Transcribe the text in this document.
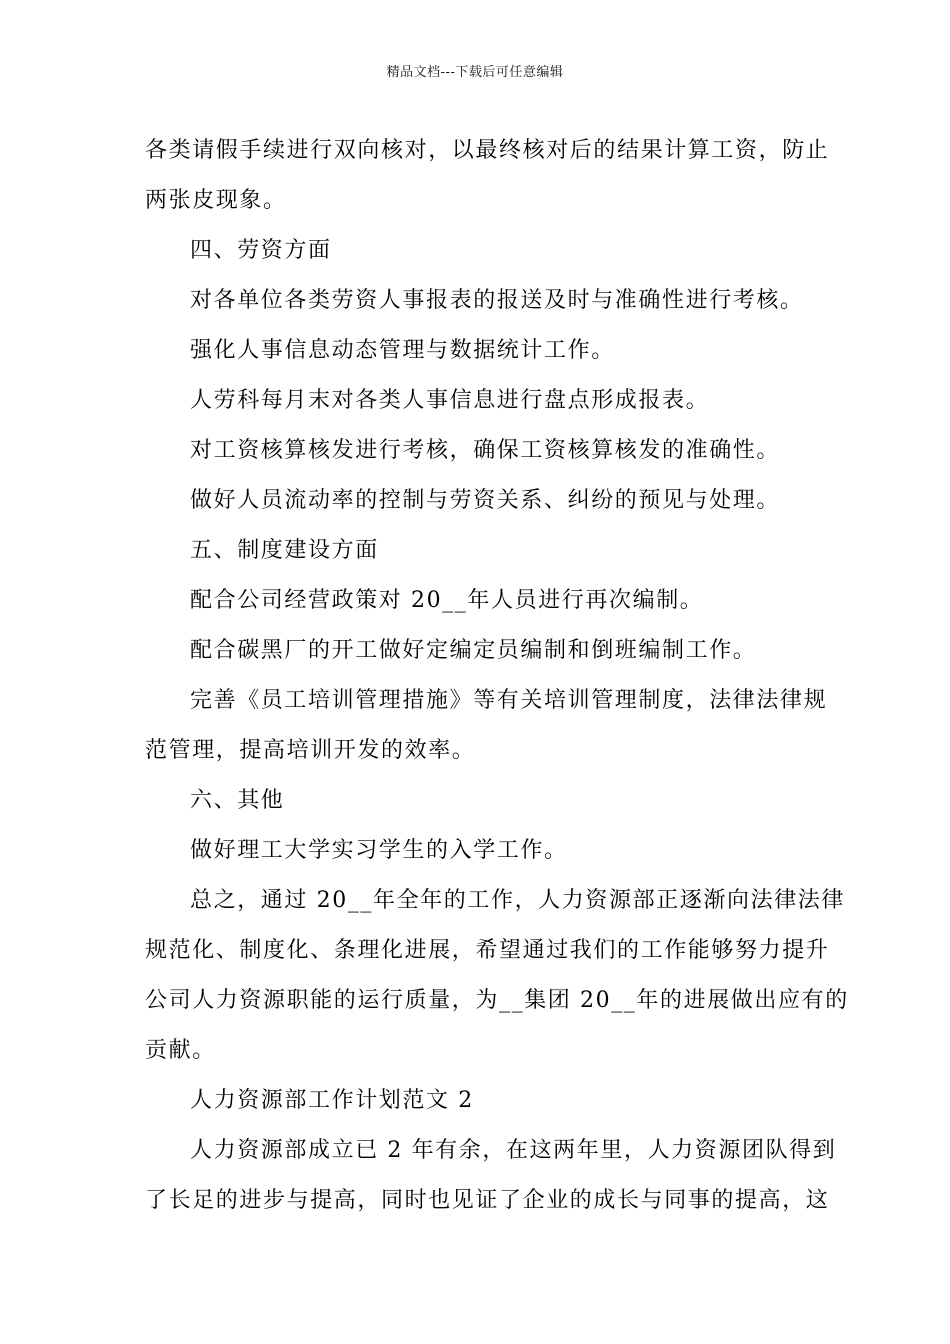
精品文档---下载后可任意编辑

各类请假手续进行双向核对，以最终核对后的结果计算工资，防止

两张皮现象。

四、劳资方面

对各单位各类劳资人事报表的报送及时与准确性进行考核。

强化人事信息动态管理与数据统计工作。

人劳科每月末对各类人事信息进行盘点形成报表。

对工资核算核发进行考核，确保工资核算核发的准确性。

做好人员流动率的控制与劳资关系、纠纷的预见与处理。

五、制度建设方面

配合公司经营政策对 20__年人员进行再次编制。

配合碳黑厂的开工做好定编定员编制和倒班编制工作。

完善《员工培训管理措施》等有关培训管理制度，法律法律规

范管理，提高培训开发的效率。

六、其他

做好理工大学实习学生的入学工作。

总之，通过 20__年全年的工作，人力资源部正逐渐向法律法律

规范化、制度化、条理化进展，希望通过我们的工作能够努力提升

公司人力资源职能的运行质量，为__集团 20__年的进展做出应有的

贡献。

人力资源部工作计划范文 2

人力资源部成立已 2 年有余，在这两年里，人力资源团队得到

了长足的进步与提高，同时也见证了企业的成长与同事的提高，这
